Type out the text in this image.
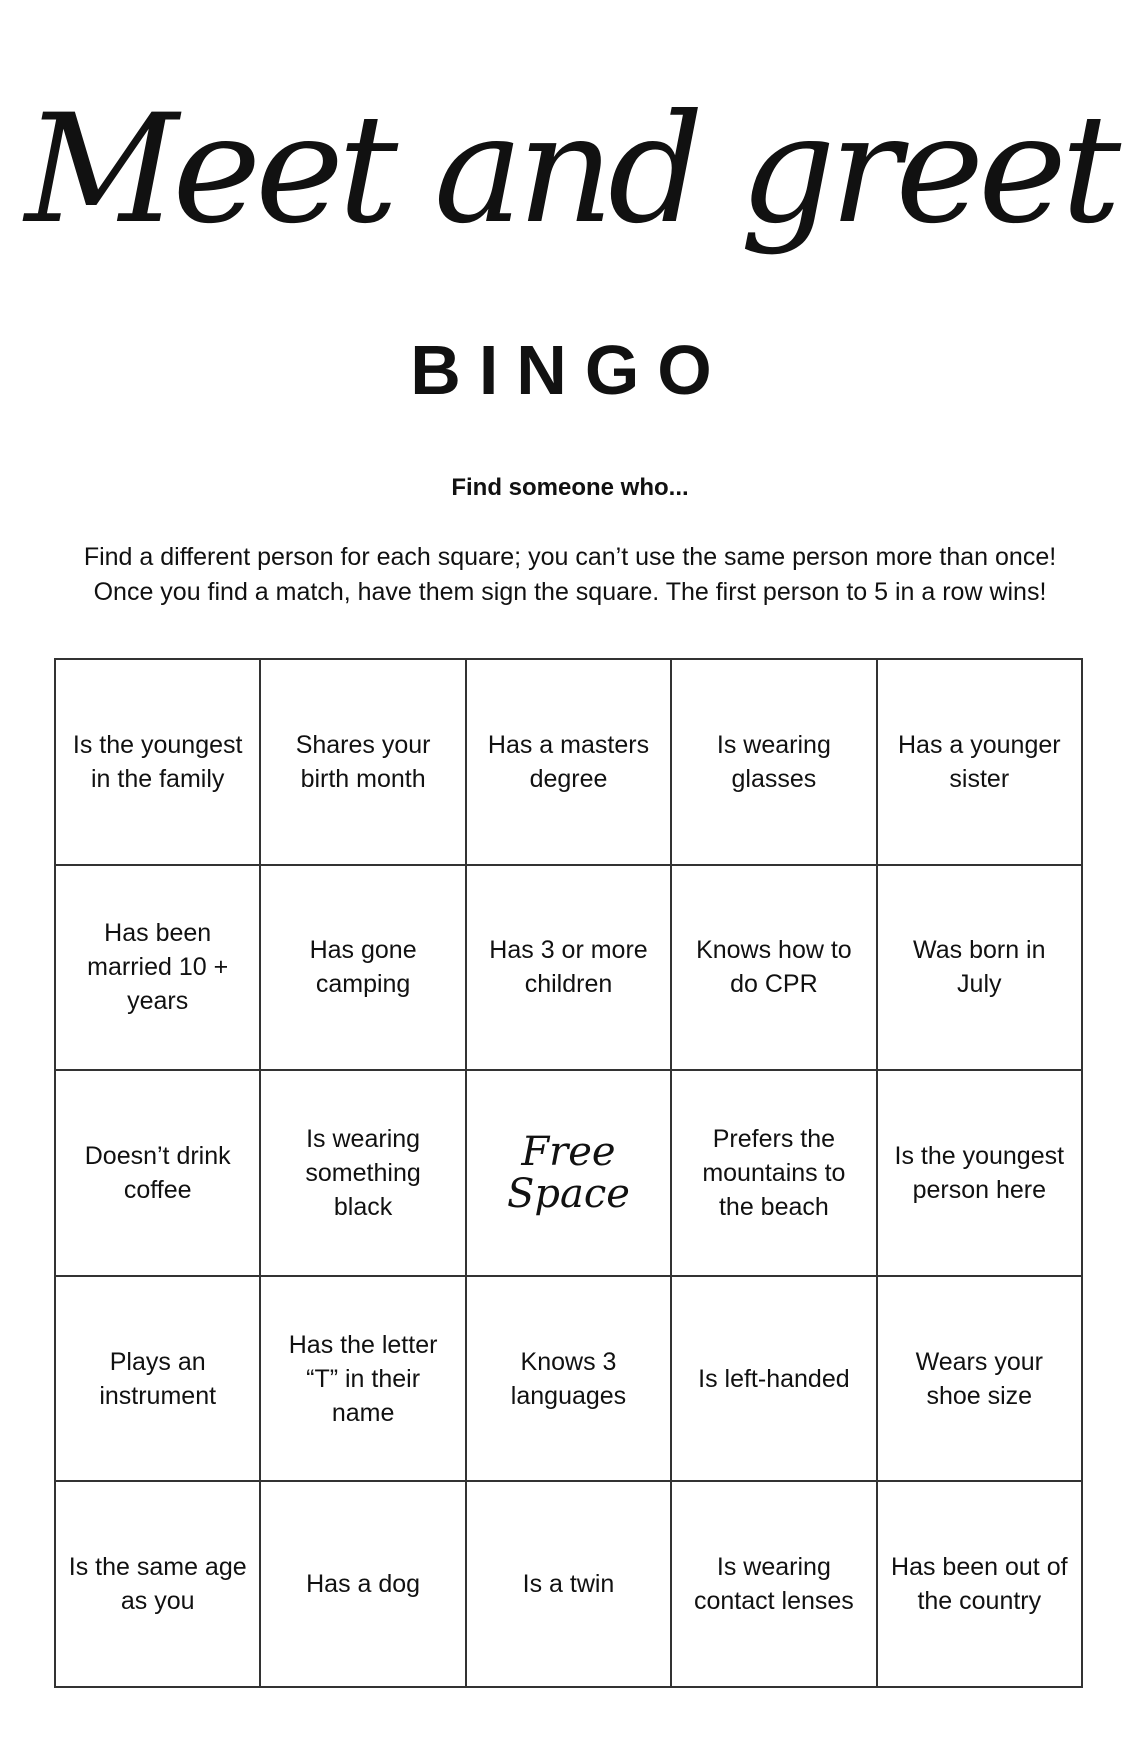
Meet and greet
BINGO
Find someone who...
Find a different person for each square; you can’t use the same person more than once!
Once you find a match, have them sign the square. The first person to 5 in a row wins!
Is the youngest in the family
Shares your birth month
Has a masters degree
Is wearing glasses
Has a younger sister
Has been married 10 + years
Has gone camping
Has 3 or more children
Knows how to do CPR
Was born in July
Doesn’t drink coffee
Is wearing something black
Free Space
Prefers the mountains to the beach
Is the youngest person here
Plays an instrument
Has the letter “T” in their name
Knows 3 languages
Is left-handed
Wears your shoe size
Is the same age as you
Has a dog	Is a twin
Is wearing contact lenses
Has been out of the country
